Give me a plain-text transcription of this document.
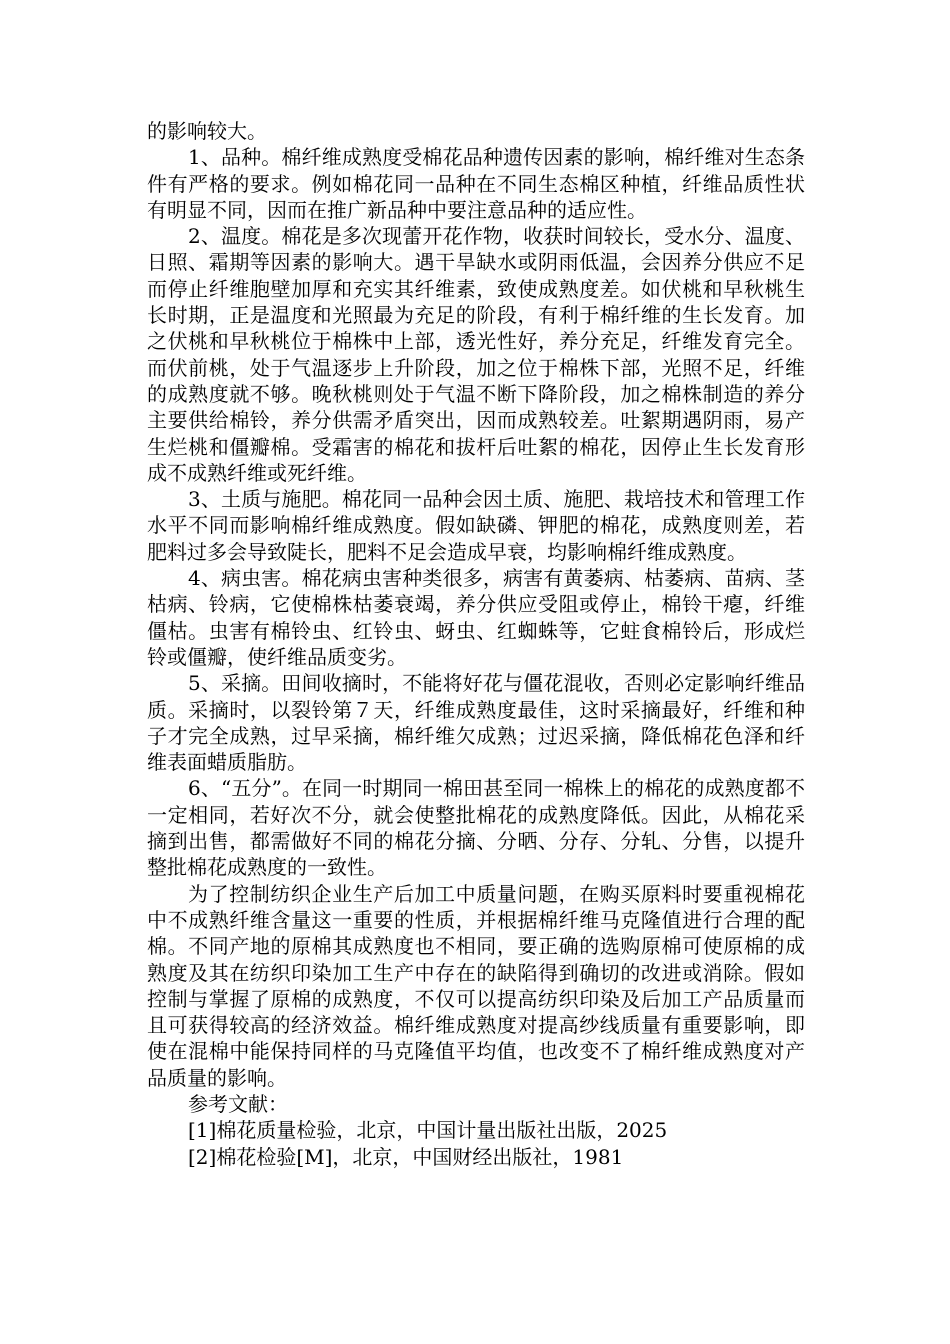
的影响较大。

1、品种。棉纤维成熟度受棉花品种遗传因素的影响，棉纤维对生态条件有严格的要求。例如棉花同一品种在不同生态棉区种植，纤维品质性状有明显不同，因而在推广新品种中要注意品种的适应性。

2、温度。棉花是多次现蕾开花作物，收获时间较长，受水分、温度、日照、霜期等因素的影响大。遇干旱缺水或阴雨低温，会因养分供应不足而停止纤维胞壁加厚和充实其纤维素，致使成熟度差。如伏桃和早秋桃生长时期，正是温度和光照最为充足的阶段，有利于棉纤维的生长发育。加之伏桃和早秋桃位于棉株中上部，透光性好，养分充足，纤维发育完全。而伏前桃，处于气温逐步上升阶段，加之位于棉株下部，光照不足，纤维的成熟度就不够。晚秋桃则处于气温不断下降阶段，加之棉株制造的养分主要供给棉铃，养分供需矛盾突出，因而成熟较差。吐絮期遇阴雨，易产生烂桃和僵瓣棉。受霜害的棉花和拔杆后吐絮的棉花，因停止生长发育形成不成熟纤维或死纤维。

3、土质与施肥。棉花同一品种会因土质、施肥、栽培技术和管理工作水平不同而影响棉纤维成熟度。假如缺磷、钾肥的棉花，成熟度则差，若肥料过多会导致陡长，肥料不足会造成早衰，均影响棉纤维成熟度。

4、病虫害。棉花病虫害种类很多，病害有黄萎病、枯萎病、苗病、茎枯病、铃病，它使棉株枯萎衰竭，养分供应受阻或停止，棉铃干瘪，纤维僵枯。虫害有棉铃虫、红铃虫、蚜虫、红蜘蛛等，它蛀食棉铃后，形成烂铃或僵瓣，使纤维品质变劣。

5、采摘。田间收摘时，不能将好花与僵花混收，否则必定影响纤维品质。采摘时，以裂铃第７天，纤维成熟度最佳，这时采摘最好，纤维和种子才完全成熟，过早采摘，棉纤维欠成熟；过迟采摘，降低棉花色泽和纤维表面蜡质脂肪。

6、“五分”。在同一时期同一棉田甚至同一棉株上的棉花的成熟度都不一定相同，若好次不分，就会使整批棉花的成熟度降低。因此，从棉花采摘到出售，都需做好不同的棉花分摘、分晒、分存、分轧、分售，以提升整批棉花成熟度的一致性。

为了控制纺织企业生产后加工中质量问题，在购买原料时要重视棉花中不成熟纤维含量这一重要的性质，并根据棉纤维马克隆值进行合理的配棉。不同产地的原棉其成熟度也不相同，要正确的选购原棉可使原棉的成熟度及其在纺织印染加工生产中存在的缺陷得到确切的改进或消除。假如控制与掌握了原棉的成熟度，不仅可以提高纺织印染及后加工产品质量而且可获得较高的经济效益。棉纤维成熟度对提高纱线质量有重要影响，即使在混棉中能保持同样的马克隆值平均值，也改变不了棉纤维成熟度对产品质量的影响。

参考文献：

[1]棉花质量检验，北京，中国计量出版社出版，2025

[2]棉花检验[M]，北京，中国财经出版社，1981
